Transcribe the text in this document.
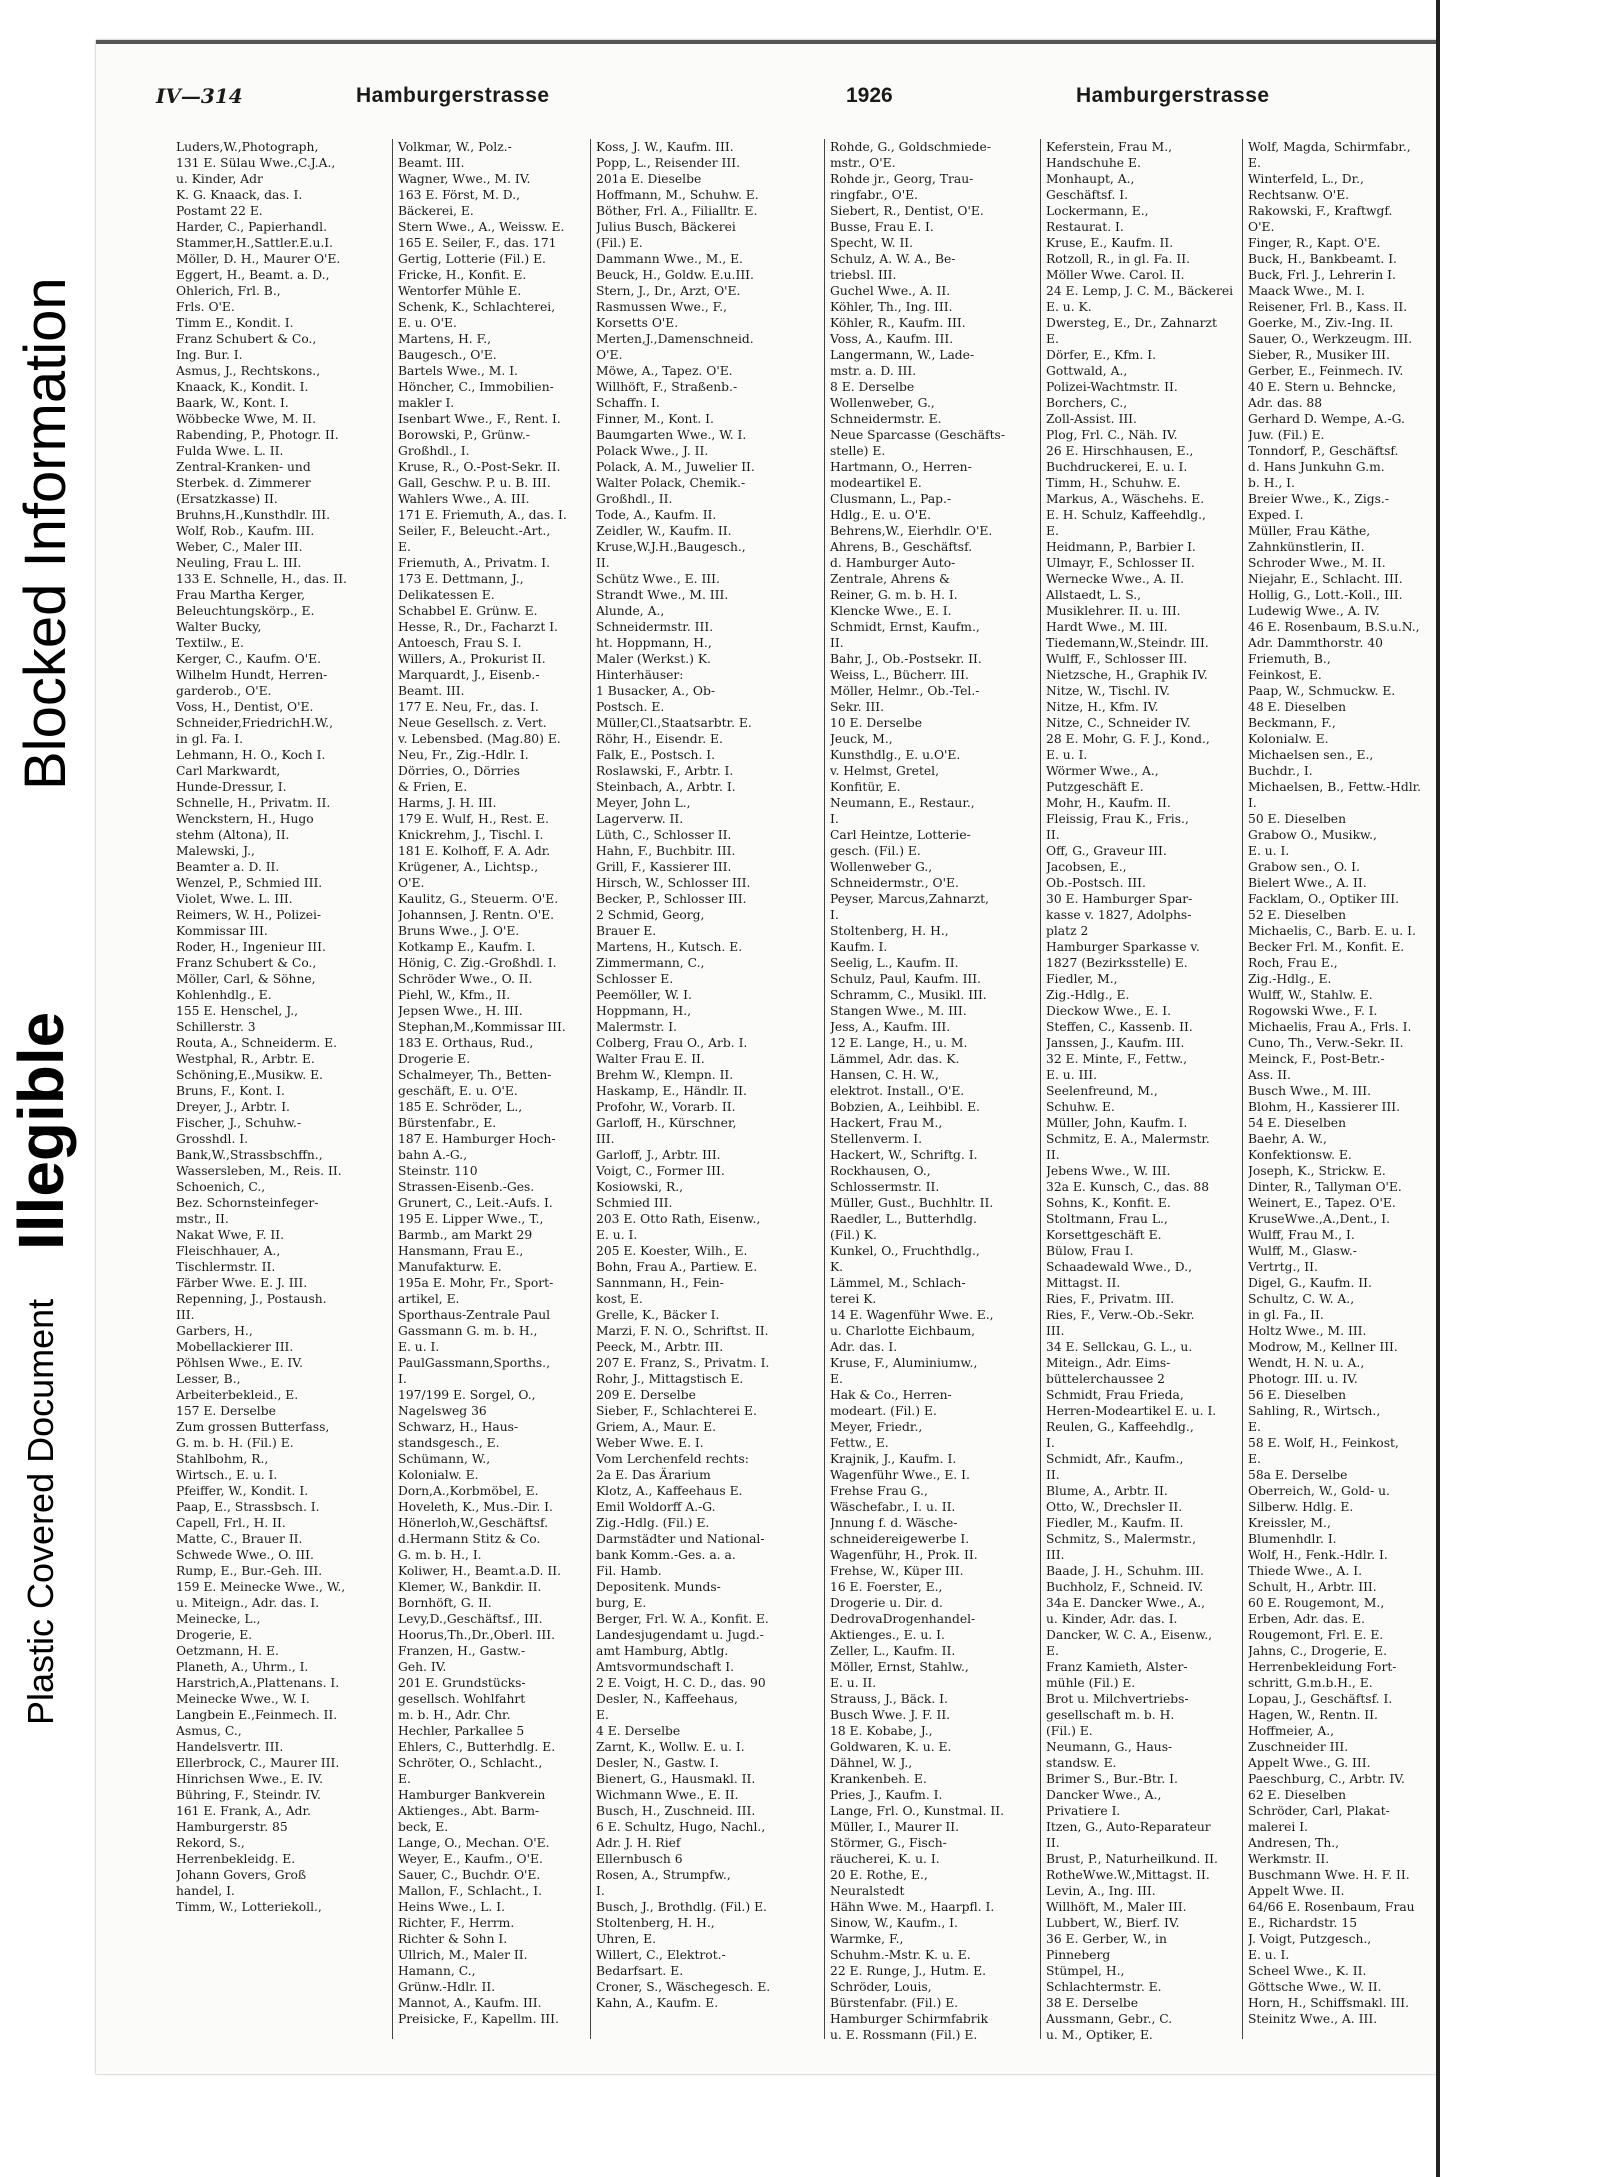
Plastic Covered Document
Illegible
Blocked Information
IV—314	Hamburgerstrasse	1926	Hamburgerstrasse
Luders,W.,Photograph,
131 E. Sülau Wwe.,C.J.A.,
u. Kinder, Adr
K. G. Knaack, das. I.
Postamt 22 E.
Harder, C., Papierhandl.
Stammer,H.,Sattler.E.u.I.
Möller, D. H., Maurer O'E.
Eggert, H., Beamt. a. D.,
Ohlerich, Frl. B.,
Frls. O'E.
Timm E., Kondit. I.
Franz Schubert & Co.,
Ing. Bur. I.
Asmus, J., Rechtskons.,
Knaack, K., Kondit. I.
Baark, W., Kont. I.
Wöbbecke Wwe, M. II.
Rabending, P., Photogr. II.
Fulda Wwe. L. II.
Zentral-Kranken- und
Sterbek. d. Zimmerer
(Ersatzkasse) II.
Bruhns,H.,Kunsthdlr. III.
Wolf, Rob., Kaufm. III.
Weber, C., Maler III.
Neuling, Frau L. III.
133 E. Schnelle, H., das. II.
Frau Martha Kerger,
Beleuchtungskörp., E.
Walter Bucky,
Textilw., E.
Kerger, C., Kaufm. O'E.
Wilhelm Hundt, Herren-
garderob., O'E.
Voss, H., Dentist, O'E.
Schneider,FriedrichH.W.,
in gl. Fa. I.
Lehmann, H. O., Koch I.
Carl Markwardt,
Hunde-Dressur, I.
Schnelle, H., Privatm. II.
Wenckstern, H., Hugo
stehm (Altona), II.
Malewski, J.,
Beamter a. D. II.
Wenzel, P., Schmied III.
Violet, Wwe. L. III.
Reimers, W. H., Polizei-
Kommissar III.
Roder, H., Ingenieur III.
Franz Schubert & Co.,
Möller, Carl, & Söhne,
Kohlenhdlg., E.
155 E. Henschel, J.,
Schillerstr. 3
Routa, A., Schneiderm. E.
Westphal, R., Arbtr. E.
Schöning,E.,Musikw. E.
Bruns, F., Kont. I.
Dreyer, J., Arbtr. I.
Fischer, J., Schuhw.-
Grosshdl. I.
Bank,W.,Strassbschffn.,
Wassersleben, M., Reis. II.
Schoenich, C.,
Bez. Schornsteinfeger-
mstr., II.
Nakat Wwe, F. II.
Fleischhauer, A.,
Tischlermstr. II.
Färber Wwe. E. J. III.
Repenning, J., Postaush.
III.
Garbers, H.,
Mobellackierer III.
Pöhlsen Wwe., E. IV.
Lesser, B.,
Arbeiterbekleid., E.
157 E. Derselbe
Zum grossen Butterfass,
G. m. b. H. (Fil.) E.
Stahlbohm, R.,
Wirtsch., E. u. I.
Pfeiffer, W., Kondit. I.
Paap, E., Strassbsch. I.
Capell, Frl., H. II.
Matte, C., Brauer II.
Schwede Wwe., O. III.
Rump, E., Bur.-Geh. III.
159 E. Meinecke Wwe., W.,
u. Miteign., Adr. das. I.
Meinecke, L.,
Drogerie, E.
Oetzmann, H. E.
Planeth, A., Uhrm., I.
Harstrich,A.,Plattenans. I.
Meinecke Wwe., W. I.
Langbein E.,Feinmech. II.
Asmus, C.,
Handelsvertr. III.
Ellerbrock, C., Maurer III.
Hinrichsen Wwe., E. IV.
Bühring, F., Steindr. IV.
161 E. Frank, A., Adr.
Hamburgerstr. 85
Rekord, S.,
Herrenbekleidg. E.
Johann Govers, Groß
handel, I.
Timm, W., Lotteriekoll.,
Volkmar, W., Polz.-
Beamt. III.
Wagner, Wwe., M. IV.
163 E. Först, M. D.,
Bäckerei, E.
Stern Wwe., A., Weissw. E.
165 E. Seiler, F., das. 171
Gertig, Lotterie (Fil.) E.
Fricke, H., Konfit. E.
Wentorfer Mühle E.
Schenk, K., Schlachterei,
E. u. O'E.
Martens, H. F.,
Baugesch., O'E.
Bartels Wwe., M. I.
Höncher, C., Immobilien-
makler I.
Isenbart Wwe., F., Rent. I.
Borowski, P., Grünw.-
Großhdl., I.
Kruse, R., O.-Post-Sekr. II.
Gall, Geschw. P. u. B. III.
Wahlers Wwe., A. III.
171 E. Friemuth, A., das. I.
Seiler, F., Beleucht.-Art.,
E.
Friemuth, A., Privatm. I.
173 E. Dettmann, J.,
Delikatessen E.
Schabbel E. Grünw. E.
Hesse, R., Dr., Facharzt I.
Antoesch, Frau S. I.
Willers, A., Prokurist II.
Marquardt, J., Eisenb.-
Beamt. III.
177 E. Neu, Fr., das. I.
Neue Gesellsch. z. Vert.
v. Lebensbed. (Mag.80) E.
Neu, Fr., Zig.-Hdlr. I.
Dörries, O., Dörries
& Frien, E.
Harms, J. H. III.
179 E. Wulf, H., Rest. E.
Knickrehm, J., Tischl. I.
181 E. Kolhoff, F. A. Adr.
Krügener, A., Lichtsp.,
O'E.
Kaulitz, G., Steuerm. O'E.
Johannsen, J. Rentn. O'E.
Bruns Wwe., J. O'E.
Kotkamp E., Kaufm. I.
Hönig, C. Zig.-Großhdl. I.
Schröder Wwe., O. II.
Piehl, W., Kfm., II.
Jepsen Wwe., H. III.
Stephan,M.,Kommissar III.
183 E. Orthaus, Rud.,
Drogerie E.
Schalmeyer, Th., Betten-
geschäft, E. u. O'E.
185 E. Schröder, L.,
Bürstenfabr., E.
187 E. Hamburger Hoch-
bahn A.-G.,
Steinstr. 110
Strassen-Eisenb.-Ges.
Grunert, C., Leit.-Aufs. I.
195 E. Lipper Wwe., T.,
Barmb., am Markt 29
Hansmann, Frau E.,
Manufakturw. E.
195a E. Mohr, Fr., Sport-
artikel, E.
Sporthaus-Zentrale Paul
Gassmann G. m. b. H.,
E. u. I.
PaulGassmann,Sporths.,
I.
197/199 E. Sorgel, O.,
Nagelsweg 36
Schwarz, H., Haus-
standsgesch., E.
Schümann, W.,
Kolonialw. E.
Dorn,A.,Korbmöbel, E.
Hoveleth, K., Mus.-Dir. I.
Hönerloh,W.,Geschäftsf.
d.Hermann Stitz & Co.
G. m. b. H., I.
Koliwer, H., Beamt.a.D. II.
Klemer, W., Bankdir. II.
Bornhöft, G. II.
Levy,D.,Geschäftsf., III.
Hoorus,Th.,Dr.,Oberl. III.
Franzen, H., Gastw.-
Geh. IV.
201 E. Grundstücks-
gesellsch. Wohlfahrt
m. b. H., Adr. Chr.
Hechler, Parkallee 5
Ehlers, C., Butterhdlg. E.
Schröter, O., Schlacht.,
E.
Hamburger Bankverein
Aktienges., Abt. Barm-
beck, E.
Lange, O., Mechan. O'E.
Weyer, E., Kaufm., O'E.
Sauer, C., Buchdr. O'E.
Mallon, F., Schlacht., I.
Heins Wwe., L. I.
Richter, F., Herrm.
Richter & Sohn I.
Ullrich, M., Maler II.
Hamann, C.,
Grünw.-Hdlr. II.
Mannot, A., Kaufm. III.
Preisicke, F., Kapellm. III.
Koss, J. W., Kaufm. III.
Popp, L., Reisender III.
201a E. Dieselbe
Hoffmann, M., Schuhw. E.
Böther, Frl. A., Filialltr. E.
Julius Busch, Bäckerei
(Fil.) E.
Dammann Wwe., M., E.
Beuck, H., Goldw. E.u.III.
Stern, J., Dr., Arzt, O'E.
Rasmussen Wwe., F.,
Korsetts O'E.
Merten,J.,Damenschneid.
O'E.
Möwe, A., Tapez. O'E.
Willhöft, F., Straßenb.-
Schaffn. I.
Finner, M., Kont. I.
Baumgarten Wwe., W. I.
Polack Wwe., J. II.
Polack, A. M., Juwelier II.
Walter Polack, Chemik.-
Großhdl., II.
Tode, A., Kaufm. II.
Zeidler, W., Kaufm. II.
Kruse,W.J.H.,Baugesch.,
II.
Schütz Wwe., E. III.
Strandt Wwe., M. III.
Alunde, A.,
Schneidermstr. III.
ht. Hoppmann, H.,
Maler (Werkst.) K.
Hinterhäuser:
1 Busacker, A., Ob-
Postsch. E.
Müller,Cl.,Staatsarbtr. E.
Röhr, H., Eisendr. E.
Falk, E., Postsch. I.
Roslawski, F., Arbtr. I.
Steinbach, A., Arbtr. I.
Meyer, John L.,
Lagerverw. II.
Lüth, C., Schlosser II.
Hahn, F., Buchbitr. III.
Grill, F., Kassierer III.
Hirsch, W., Schlosser III.
Becker, P., Schlosser III.
2 Schmid, Georg,
Brauer E.
Martens, H., Kutsch. E.
Zimmermann, C.,
Schlosser E.
Peemöller, W. I.
Hoppmann, H.,
Malermstr. I.
Colberg, Frau O., Arb. I.
Walter Frau E. II.
Brehm W., Klempn. II.
Haskamp, E., Händlr. II.
Profohr, W., Vorarb. II.
Garloff, H., Kürschner,
III.
Garloff, J., Arbtr. III.
Voigt, C., Former III.
Kosiowski, R.,
Schmied III.
203 E. Otto Rath, Eisenw.,
E. u. I.
205 E. Koester, Wilh., E.
Bohn, Frau A., Partiew. E.
Sannmann, H., Fein-
kost, E.
Grelle, K., Bäcker I.
Marzi, F. N. O., Schriftst. II.
Peeck, M., Arbtr. III.
207 E. Franz, S., Privatm. I.
Rohr, J., Mittagstisch E.
209 E. Derselbe
Sieber, F., Schlachterei E.
Griem, A., Maur. E.
Weber Wwe. E. I.
Vom Lerchenfeld rechts:
2a E. Das Ärarium
Klotz, A., Kaffeehaus E.
Emil Woldorff A.-G.
Zig.-Hdlg. (Fil.) E.
Darmstädter und National-
bank Komm.-Ges. a. a.
Fil. Hamb.
Depositenk. Munds-
burg, E.
Berger, Frl. W. A., Konfit. E.
Landesjugendamt u. Jugd.-
amt Hamburg, Abtlg.
Amtsvormundschaft I.
2 E. Voigt, H. C. D., das. 90
Desler, N., Kaffeehaus,
E.
4 E. Derselbe
Zarnt, K., Wollw. E. u. I.
Desler, N., Gastw. I.
Bienert, G., Hausmakl. II.
Wichmann Wwe., E. II.
Busch, H., Zuschneid. III.
6 E. Schultz, Hugo, Nachl.,
Adr. J. H. Rief
Ellernbusch 6
Rosen, A., Strumpfw.,
I.
Busch, J., Brothdlg. (Fil.) E.
Stoltenberg, H. H.,
Uhren, E.
Willert, C., Elektrot.-
Bedarfsart. E.
Croner, S., Wäschegesch. E.
Kahn, A., Kaufm. E.
Rohde, G., Goldschmiede-
mstr., O'E.
Rohde jr., Georg, Trau-
ringfabr., O'E.
Siebert, R., Dentist, O'E.
Busse, Frau E. I.
Specht, W. II.
Schulz, A. W. A., Be-
triebsl. III.
Guchel Wwe., A. II.
Köhler, Th., Ing. III.
Köhler, R., Kaufm. III.
Voss, A., Kaufm. III.
Langermann, W., Lade-
mstr. a. D. III.
8 E. Derselbe
Wollenweber, G.,
Schneidermstr. E.
Neue Sparcasse (Geschäfts-
stelle) E.
Hartmann, O., Herren-
modeartikel E.
Clusmann, L., Pap.-
Hdlg., E. u. O'E.
Behrens,W., Eierhdlr. O'E.
Ahrens, B., Geschäftsf.
d. Hamburger Auto-
Zentrale, Ahrens &
Reiner, G. m. b. H. I.
Klencke Wwe., E. I.
Schmidt, Ernst, Kaufm.,
II.
Bahr, J., Ob.-Postsekr. II.
Weiss, L., Bücherr. III.
Möller, Helmr., Ob.-Tel.-
Sekr. III.
10 E. Derselbe
Jeuck, M.,
Kunsthdlg., E. u.O'E.
v. Helmst, Gretel,
Konfitür, E.
Neumann, E., Restaur.,
I.
Carl Heintze, Lotterie-
gesch. (Fil.) E.
Wollenweber G.,
Schneidermstr., O'E.
Peyser, Marcus,Zahnarzt,
I.
Stoltenberg, H. H.,
Kaufm. I.
Seelig, L., Kaufm. II.
Schulz, Paul, Kaufm. III.
Schramm, C., Musikl. III.
Stangen Wwe., M. III.
Jess, A., Kaufm. III.
12 E. Lange, H., u. M.
Lämmel, Adr. das. K.
Hansen, C. H. W.,
elektrot. Install., O'E.
Bobzien, A., Leihbibl. E.
Hackert, Frau M.,
Stellenverm. I.
Hackert, W., Schriftg. I.
Rockhausen, O.,
Schlossermstr. II.
Müller, Gust., Buchhltr. II.
Raedler, L., Butterhdlg.
(Fil.) K.
Kunkel, O., Fruchthdlg.,
K.
Lämmel, M., Schlach-
terei K.
14 E. Wagenführ Wwe. E.,
u. Charlotte Eichbaum,
Adr. das. I.
Kruse, F., Aluminiumw.,
E.
Hak & Co., Herren-
modeart. (Fil.) E.
Meyer, Friedr.,
Fettw., E.
Krajnik, J., Kaufm. I.
Wagenführ Wwe., E. I.
Frehse Frau G.,
Wäschefabr., I. u. II.
Jnnung f. d. Wäsche-
schneidereigewerbe I.
Wagenführ, H., Prok. II.
Frehse, W., Küper III.
16 E. Foerster, E.,
Drogerie u. Dir. d.
DedrovaDrogenhandel-
Aktienges., E. u. I.
Zeller, L., Kaufm. II.
Möller, Ernst, Stahlw.,
E. u. II.
Strauss, J., Bäck. I.
Busch Wwe. J. F. II.
18 E. Kobabe, J.,
Goldwaren, K. u. E.
Dähnel, W. J.,
Krankenbeh. E.
Pries, J., Kaufm. I.
Lange, Frl. O., Kunstmal. II.
Müller, I., Maurer II.
Störmer, G., Fisch-
räucherei, K. u. I.
20 E. Rothe, E.,
Neuralstedt
Hähn Wwe. M., Haarpfl. I.
Sinow, W., Kaufm., I.
Warmke, F.,
Schuhm.-Mstr. K. u. E.
22 E. Runge, J., Hutm. E.
Schröder, Louis,
Bürstenfabr. (Fil.) E.
Hamburger Schirmfabrik
u. E. Rossmann (Fil.) E.
Keferstein, Frau M.,
Handschuhe E.
Monhaupt, A.,
Geschäftsf. I.
Lockermann, E.,
Restaurat. I.
Kruse, E., Kaufm. II.
Rotzoll, R., in gl. Fa. II.
Möller Wwe. Carol. II.
24 E. Lemp, J. C. M., Bäckerei
E. u. K.
Dwersteg, E., Dr., Zahnarzt
E.
Dörfer, E., Kfm. I.
Gottwald, A.,
Polizei-Wachtmstr. II.
Borchers, C.,
Zoll-Assist. III.
Plog, Frl. C., Näh. IV.
26 E. Hirschhausen, E.,
Buchdruckerei, E. u. I.
Timm, H., Schuhw. E.
Markus, A., Wäschehs. E.
E. H. Schulz, Kaffeehdlg.,
E.
Heidmann, P., Barbier I.
Ulmayr, F., Schlosser II.
Wernecke Wwe., A. II.
Allstaedt, L. S.,
Musiklehrer. II. u. III.
Hardt Wwe., M. III.
Tiedemann,W.,Steindr. III.
Wulff, F., Schlosser III.
Nietzsche, H., Graphik IV.
Nitze, W., Tischl. IV.
Nitze, H., Kfm. IV.
Nitze, C., Schneider IV.
28 E. Mohr, G. F. J., Kond.,
E. u. I.
Wörmer Wwe., A.,
Putzgeschäft E.
Mohr, H., Kaufm. II.
Fleissig, Frau K., Fris.,
II.
Off, G., Graveur III.
Jacobsen, E.,
Ob.-Postsch. III.
30 E. Hamburger Spar-
kasse v. 1827, Adolphs-
platz 2
Hamburger Sparkasse v.
1827 (Bezirksstelle) E.
Fiedler, M.,
Zig.-Hdlg., E.
Dieckow Wwe., E. I.
Steffen, C., Kassenb. II.
Janssen, J., Kaufm. III.
32 E. Minte, F., Fettw.,
E. u. III.
Seelenfreund, M.,
Schuhw. E.
Müller, John, Kaufm. I.
Schmitz, E. A., Malermstr.
II.
Jebens Wwe., W. III.
32a E. Kunsch, C., das. 88
Sohns, K., Konfit. E.
Stoltmann, Frau L.,
Korsettgeschäft E.
Bülow, Frau I.
Schaadewald Wwe., D.,
Mittagst. II.
Ries, F., Privatm. III.
Ries, F., Verw.-Ob.-Sekr.
III.
34 E. Sellckau, G. L., u.
Miteign., Adr. Eims-
büttelerchaussee 2
Schmidt, Frau Frieda,
Herren-Modeartikel E. u. I.
Reulen, G., Kaffeehdlg.,
I.
Schmidt, Afr., Kaufm.,
II.
Blume, A., Arbtr. II.
Otto, W., Drechsler II.
Fiedler, M., Kaufm. II.
Schmitz, S., Malermstr.,
III.
Baade, J. H., Schuhm. III.
Buchholz, F., Schneid. IV.
34a E. Dancker Wwe., A.,
u. Kinder, Adr. das. I.
Dancker, W. C. A., Eisenw.,
E.
Franz Kamieth, Alster-
mühle (Fil.) E.
Brot u. Milchvertriebs-
gesellschaft m. b. H.
(Fil.) E.
Neumann, G., Haus-
standsw. E.
Brimer S., Bur.-Btr. I.
Dancker Wwe., A.,
Privatiere I.
Itzen, G., Auto-Reparateur
II.
Brust, P., Naturheilkund. II.
RotheWwe.W.,Mittagst. II.
Levin, A., Ing. III.
Willhöft, M., Maler III.
Lubbert, W., Bierf. IV.
36 E. Gerber, W., in
Pinneberg
Stümpel, H.,
Schlachtermstr. E.
38 E. Derselbe
Aussmann, Gebr., C.
u. M., Optiker, E.
Wolf, Magda, Schirmfabr.,
E.
Winterfeld, L., Dr.,
Rechtsanw. O'E.
Rakowski, F., Kraftwgf.
O'E.
Finger, R., Kapt. O'E.
Buck, H., Bankbeamt. I.
Buck, Frl. J., Lehrerin I.
Maack Wwe., M. I.
Reisener, Frl. B., Kass. II.
Goerke, M., Ziv.-Ing. II.
Sauer, O., Werkzeugm. III.
Sieber, R., Musiker III.
Gerber, E., Feinmech. IV.
40 E. Stern u. Behncke,
Adr. das. 88
Gerhard D. Wempe, A.-G.
Juw. (Fil.) E.
Tonndorf, P., Geschäftsf.
d. Hans Junkuhn G.m.
b. H., I.
Breier Wwe., K., Zigs.-
Exped. I.
Müller, Frau Käthe,
Zahnkünstlerin, II.
Schroder Wwe., M. II.
Niejahr, E., Schlacht. III.
Hollig, G., Lott.-Koll., III.
Ludewig Wwe., A. IV.
46 E. Rosenbaum, B.S.u.N.,
Adr. Dammthorstr. 40
Friemuth, B.,
Feinkost, E.
Paap, W., Schmuckw. E.
48 E. Dieselben
Beckmann, F.,
Kolonialw. E.
Michaelsen sen., E.,
Buchdr., I.
Michaelsen, B., Fettw.-Hdlr.
I.
50 E. Dieselben
Grabow O., Musikw.,
E. u. I.
Grabow sen., O. I.
Bielert Wwe., A. II.
Facklam, O., Optiker III.
52 E. Dieselben
Michaelis, C., Barb. E. u. I.
Becker Frl. M., Konfit. E.
Roch, Frau E.,
Zig.-Hdlg., E.
Wulff, W., Stahlw. E.
Rogowski Wwe., F. I.
Michaelis, Frau A., Frls. I.
Cuno, Th., Verw.-Sekr. II.
Meinck, F., Post-Betr.-
Ass. II.
Busch Wwe., M. III.
Blohm, H., Kassierer III.
54 E. Dieselben
Baehr, A. W.,
Konfektionsw. E.
Joseph, K., Strickw. E.
Dinter, R., Tallyman O'E.
Weinert, E., Tapez. O'E.
KruseWwe.,A.,Dent., I.
Wulff, Frau M., I.
Wulff, M., Glasw.-
Vertrtg., II.
Digel, G., Kaufm. II.
Schultz, C. W. A.,
in gl. Fa., II.
Holtz Wwe., M. III.
Modrow, M., Kellner III.
Wendt, H. N. u. A.,
Photogr. III. u. IV.
56 E. Dieselben
Sahling, R., Wirtsch.,
E.
58 E. Wolf, H., Feinkost,
E.
58a E. Derselbe
Oberreich, W., Gold- u.
Silberw. Hdlg. E.
Kreissler, M.,
Blumenhdlr. I.
Wolf, H., Fenk.-Hdlr. I.
Thiede Wwe., A. I.
Schult, H., Arbtr. III.
60 E. Rougemont, M.,
Erben, Adr. das. E.
Rougemont, Frl. E. E.
Jahns, C., Drogerie, E.
Herrenbekleidung Fort-
schritt, G.m.b.H., E.
Lopau, J., Geschäftsf. I.
Hagen, W., Rentn. II.
Hoffmeier, A.,
Zuschneider III.
Appelt Wwe., G. III.
Paeschburg, C., Arbtr. IV.
62 E. Dieselben
Schröder, Carl, Plakat-
malerei I.
Andresen, Th.,
Werkmstr. II.
Buschmann Wwe. H. F. II.
Appelt Wwe. II.
64/66 E. Rosenbaum, Frau
E., Richardstr. 15
J. Voigt, Putzgesch.,
E. u. I.
Scheel Wwe., K. II.
Göttsche Wwe., W. II.
Horn, H., Schiffsmakl. III.
Steinitz Wwe., A. III.
